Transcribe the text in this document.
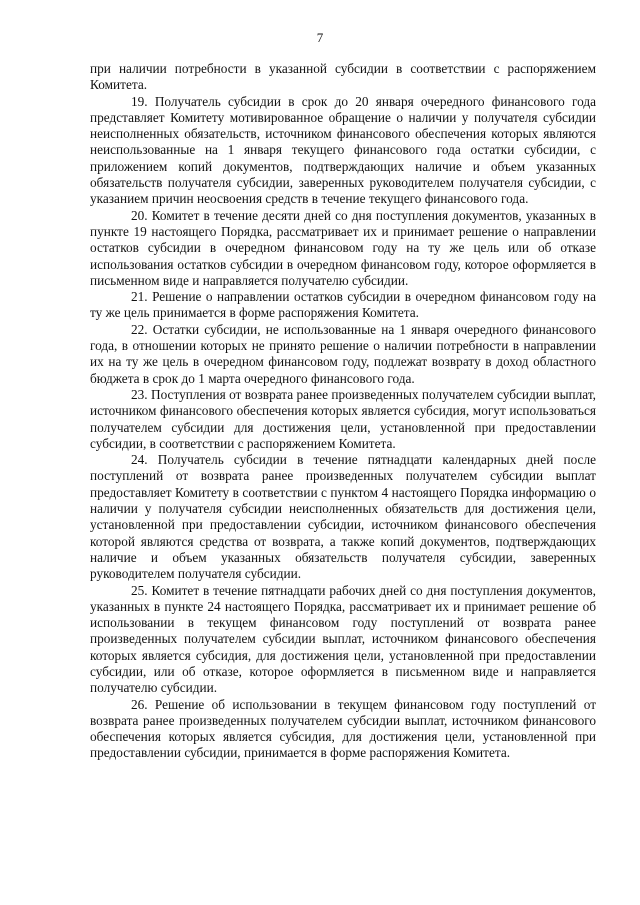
7

при наличии потребности в указанной субсидии в соответствии с распоряжением Комитета.

19. Получатель субсидии в срок до 20 января очередного финансового года представляет Комитету мотивированное обращение о наличии у получателя субсидии неисполненных обязательств, источником финансового обеспечения которых являются неиспользованные на 1 января текущего финансового года остатки субсидии, с приложением копий документов, подтверждающих наличие и объем указанных обязательств получателя субсидии, заверенных руководителем получателя субсидии, с указанием причин неосвоения средств в течение текущего финансового года.

20. Комитет в течение десяти дней со дня поступления документов, указанных в пункте 19 настоящего Порядка, рассматривает их и принимает решение о направлении остатков субсидии в очередном финансовом году на ту же цель или об отказе использования остатков субсидии в очередном финансовом году, которое оформляется в письменном виде и направляется получателю субсидии.

21. Решение о направлении остатков субсидии в очередном финансовом году на ту же цель принимается в форме распоряжения Комитета.

22. Остатки субсидии, не использованные на 1 января очередного финансового года, в отношении которых не принято решение о наличии потребности в направлении их на ту же цель в очередном финансовом году, подлежат возврату в доход областного бюджета в срок до 1 марта очередного финансового года.

23. Поступления от возврата ранее произведенных получателем субсидии выплат, источником финансового обеспечения которых является субсидия, могут использоваться получателем субсидии для достижения цели, установленной при предоставлении субсидии, в соответствии с распоряжением Комитета.

24. Получатель субсидии в течение пятнадцати календарных дней после поступлений от возврата ранее произведенных получателем субсидии выплат предоставляет Комитету в соответствии с пунктом 4 настоящего Порядка информацию о наличии у получателя субсидии неисполненных обязательств для достижения цели, установленной при предоставлении субсидии, источником финансового обеспечения которой являются средства от возврата, а также копий документов, подтверждающих наличие и объем указанных обязательств получателя субсидии, заверенных руководителем получателя субсидии.

25. Комитет в течение пятнадцати рабочих дней со дня поступления документов, указанных в пункте 24 настоящего Порядка, рассматривает их и принимает решение об использовании в текущем финансовом году поступлений от возврата ранее произведенных получателем субсидии выплат, источником финансового обеспечения которых является субсидия, для достижения цели, установленной при предоставлении субсидии, или об отказе, которое оформляется в письменном виде и направляется получателю субсидии.

26. Решение об использовании в текущем финансовом году поступлений от возврата ранее произведенных получателем субсидии выплат, источником финансового обеспечения которых является субсидия, для достижения цели, установленной при предоставлении субсидии, принимается в форме распоряжения Комитета.
